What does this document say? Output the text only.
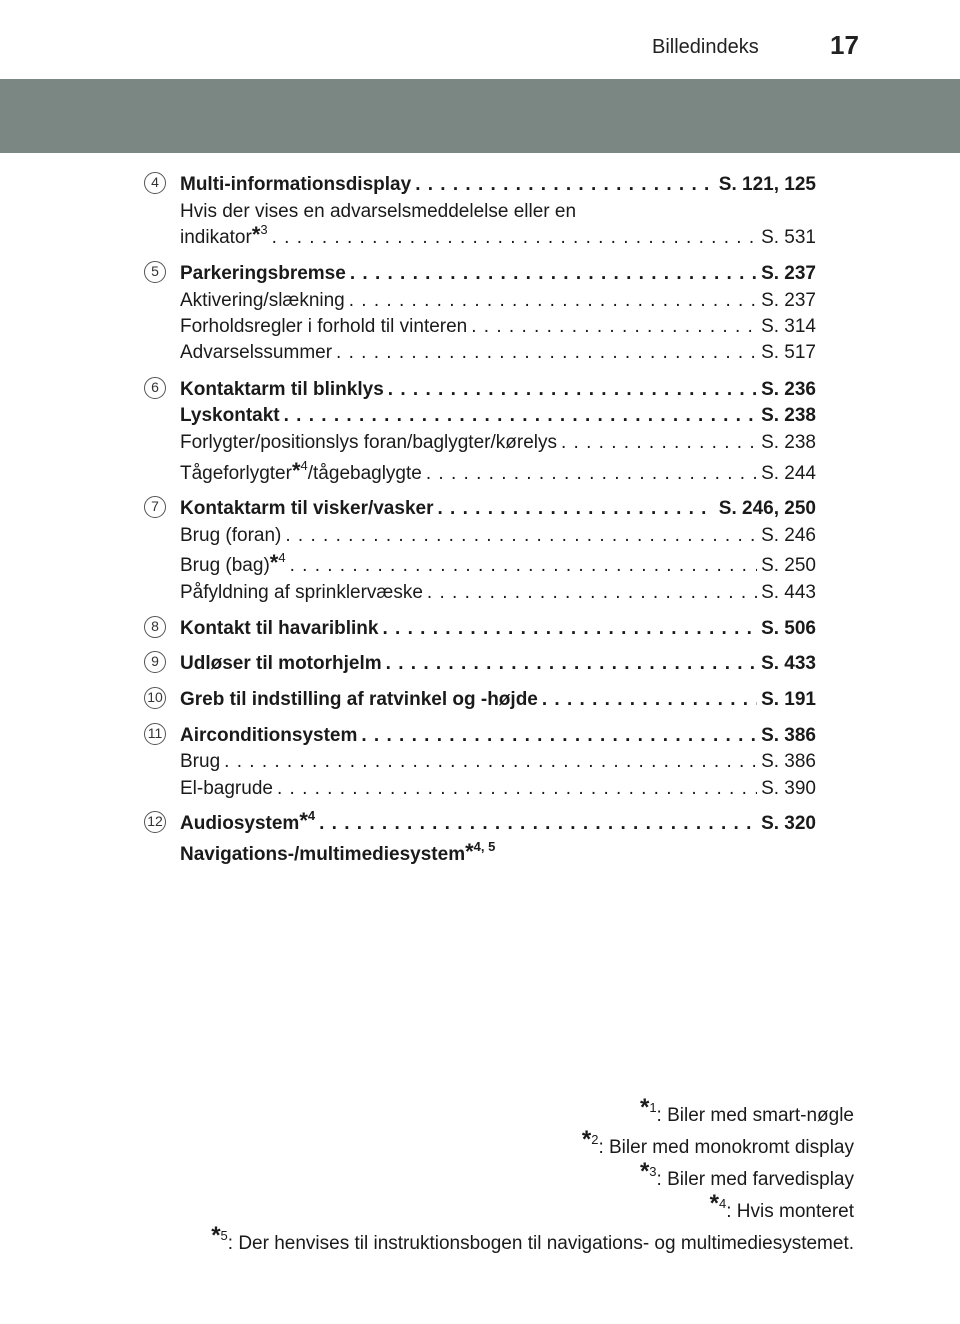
Billedindeks	17
4	Multi-informationsdisplay . . .	S. 121, 125
Hvis der vises en advarselsmeddelelse eller en
indikator*$^3$ . . .	S. 531
5	Parkeringsbremse . . .	S. 237
Aktivering/slækning . . .	S. 237
Forholdsregler i forhold til vinteren . . .	S. 314
Advarselssummer . . .	S. 517
6	Kontaktarm til blinklys . . .	S. 236
Lyskontakt . . .	S. 238
Forlygter/positionslys foran/baglygter/kørelys . . .	S. 238
Tågeforlygter*$^4$/tågebaglygte . . .	S. 244
7	Kontaktarm til visker/vasker . . .	S. 246, 250
Brug (foran) . . .	S. 246
Brug (bag)*$^4$ . . .	S. 250
Påfyldning af sprinklervæske . . .	S. 443
8	Kontakt til havariblink . . .	S. 506
9	Udløser til motorhjelm . . .	S. 433
10 Greb til indstilling af ratvinkel og -højde . . .	S. 191
11 Airconditionsystem . . .	S. 386
Brug . . .	S. 386
El-bagrude . . .	S. 390
12 Audiosystem*$^4$ . . .	S. 320
Navigations-/multimediesystem*$^{4, 5}$
*$^1$: Biler med smart-nøgle
*$^2$: Biler med monokromt display
*$^3$: Biler med farvedisplay
*$^4$: Hvis monteret
*$^5$: Der henvises til instruktionsbogen til navigations- og multimediesystemet.
